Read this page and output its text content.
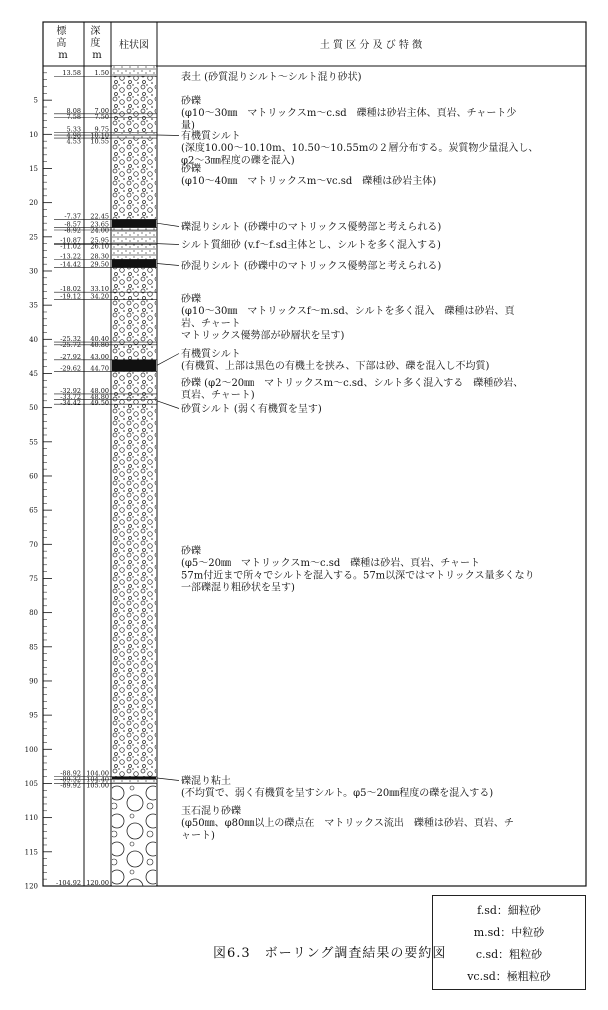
標 高 m
深 度 m
柱状図	土 質 区 分 及 び 特 徴
5
10
15
20
25
30
35
40
45
50
55
60
65
70
75
80
85
90
95
100
105
110
115
120
13.58 1.50
8.08 7.00
7.58 7.50
5.33 9.75
4.98 10.10
4.53 10.55
-7.37 22.45
-8.57 23.65
-8.92 24.00
-10.87 25.95
-11.02 26.10
-13.22 28.30
-14.42 29.50
-18.02 33.10
-19.12 34.20
-25.32 40.40
-25.72 40.80
-27.92 43.00
-29.62 44.70
-32.92 48.00
-33.72 48.80
-34.42 49.50
-88.92 104.00
-89.32 104.40
-89.92 105.00
-104.92 120.00
表土 (砂質混りシルト～シルト混り砂状)
砂礫
(φ10～30㎜　マトリックスm～c.sd　礫種は砂岩主体、頁岩、チャート少
量)
有機質シルト
(深度10.00～10.10m、10.50～10.55mの２層分布する。炭質物少量混入し、
φ2～3㎜程度の礫を混入)
砂礫
(φ10～40㎜　マトリックスm～vc.sd　礫種は砂岩主体)
礫混りシルト (砂礫中のマトリックス優勢部と考えられる)
シルト質細砂 (v.f～f.sd主体とし、シルトを多く混入する)
砂混りシルト (砂礫中のマトリックス優勢部と考えられる)
砂礫
(φ10～30㎜　マトリックスf～m.sd、シルトを多く混入　礫種は砂岩、頁
岩、チャート
マトリックス優勢部が砂層状を呈す)
有機質シルト
(有機質、上部は黒色の有機土を挟み、下部は砂、礫を混入し不均質)
砂礫 (φ2～20㎜　マトリックスm～c.sd、シルト多く混入する　礫種砂岩、
頁岩、チャート)
砂質シルト (弱く有機質を呈す)
砂礫
(φ5～20㎜　マトリックスm～c.sd　礫種は砂岩、頁岩、チャート
57m付近まで所々でシルトを混入する。57m以深ではマトリックス量多くなり
一部礫混り粗砂状を呈す)
礫混り粘土
(不均質で、弱く有機質を呈すシルト。φ5～20㎜程度の礫を混入する)
玉石混り砂礫
(φ50㎜、φ80㎜以上の礫点在　マトリックス流出　礫種は砂岩、頁岩、チ
ャート)
f.sd：細粒砂
m.sd：中粒砂
c.sd：粗粒砂
vc.sd：極粗粒砂
図6.3　ボーリング調査結果の要約図
